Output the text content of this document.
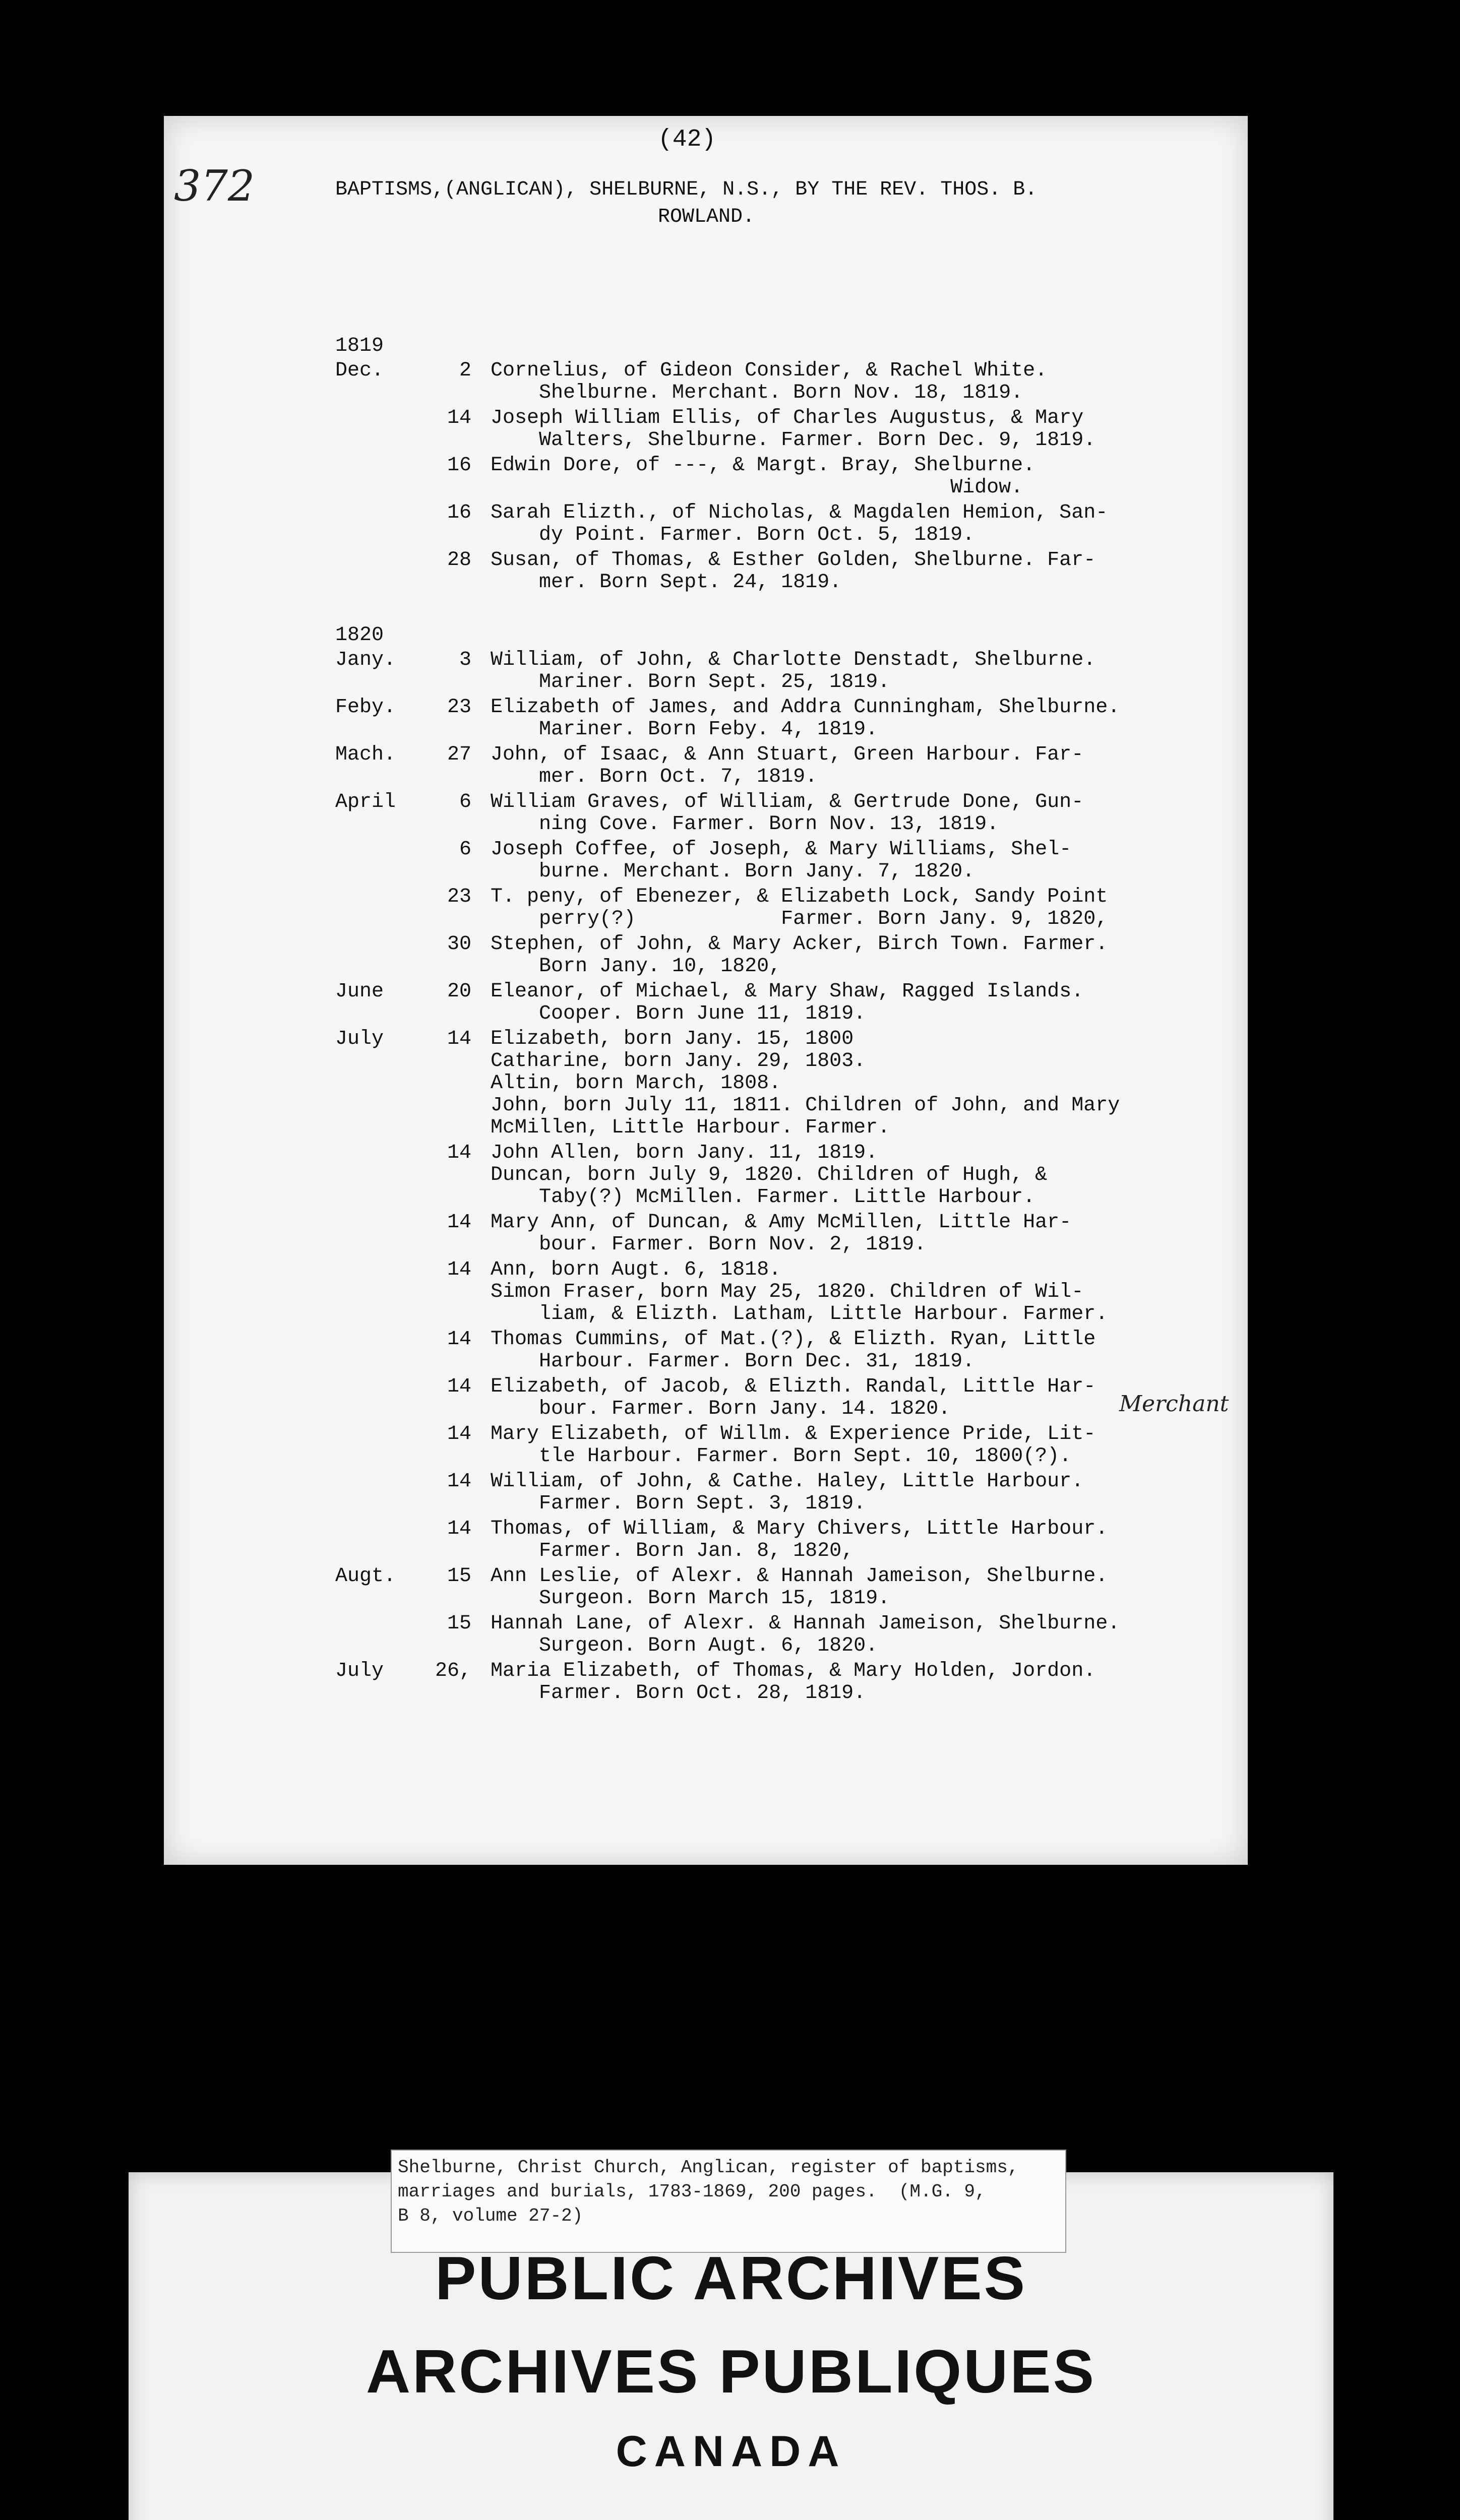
372
(42)
BAPTISMS,(ANGLICAN), SHELBURNE, N.S., BY THE REV. THOS. B.
ROWLAND.
1819
Dec.	2 Cornelius, of Gideon Consider, & Rachel White.
Shelburne. Merchant. Born Nov. 18, 1819.
14 Joseph William Ellis, of Charles Augustus, & Mary
Walters, Shelburne. Farmer. Born Dec. 9, 1819.
16 Edwin Dore, of ---, & Margt. Bray, Shelburne.
Widow.
16 Sarah Elizth., of Nicholas, & Magdalen Hemion, San-
dy Point. Farmer. Born Oct. 5, 1819.
28 Susan, of Thomas, & Esther Golden, Shelburne. Far-
mer. Born Sept. 24, 1819.
1820
Jany.	3 William, of John, & Charlotte Denstadt, Shelburne.
Mariner. Born Sept. 25, 1819.
Feby.	23 Elizabeth of James, and Addra Cunningham, Shelburne.
Mariner. Born Feby. 4, 1819.
Mach.	27 John, of Isaac, & Ann Stuart, Green Harbour. Far-
mer. Born Oct. 7, 1819.
April	6 William Graves, of William, & Gertrude Done, Gun-
ning Cove. Farmer. Born Nov. 13, 1819.
6 Joseph Coffee, of Joseph, & Mary Williams, Shel-
burne. Merchant. Born Jany. 7, 1820.
23 T. peny, of Ebenezer, & Elizabeth Lock, Sandy Point
perry(?)            Farmer. Born Jany. 9, 1820,
30 Stephen, of John, & Mary Acker, Birch Town. Farmer.
Born Jany. 10, 1820,
June	20 Eleanor, of Michael, & Mary Shaw, Ragged Islands.
Cooper. Born June 11, 1819.
July	14 Elizabeth, born Jany. 15, 1800
Catharine, born Jany. 29, 1803.
Altin, born March, 1808.
John, born July 11, 1811. Children of John, and Mary
McMillen, Little Harbour. Farmer.
14 John Allen, born Jany. 11, 1819.
Duncan, born July 9, 1820. Children of Hugh, &
Taby(?) McMillen. Farmer. Little Harbour.
14 Mary Ann, of Duncan, & Amy McMillen, Little Har-
bour. Farmer. Born Nov. 2, 1819.
14 Ann, born Augt. 6, 1818.
Simon Fraser, born May 25, 1820. Children of Wil-
liam, & Elizth. Latham, Little Harbour. Farmer.
14 Thomas Cummins, of Mat.(?), & Elizth. Ryan, Little
Harbour. Farmer. Born Dec. 31, 1819.
14 Elizabeth, of Jacob, & Elizth. Randal, Little Har-
bour. Farmer. Born Jany. 14. 1820.
14 Mary Elizabeth, of Willm. & Experience Pride, Lit-
tle Harbour. Farmer. Born Sept. 10, 1800(?).
14 William, of John, & Cathe. Haley, Little Harbour.
Farmer. Born Sept. 3, 1819.
14 Thomas, of William, & Mary Chivers, Little Harbour.
Farmer. Born Jan. 8, 1820,
Augt.	15 Ann Leslie, of Alexr. & Hannah Jameison, Shelburne.
Surgeon. Born March 15, 1819.
15 Hannah Lane, of Alexr. & Hannah Jameison, Shelburne.
Surgeon. Born Augt. 6, 1820.
July	26, Maria Elizabeth, of Thomas, & Mary Holden, Jordon.
Farmer. Born Oct. 28, 1819.
Merchant
Shelburne, Christ Church, Anglican, register of baptisms,
marriages and burials, 1783-1869, 200 pages.  (M.G. 9,
B 8, volume 27-2)
PUBLIC ARCHIVES
ARCHIVES PUBLIQUES
CANADA
